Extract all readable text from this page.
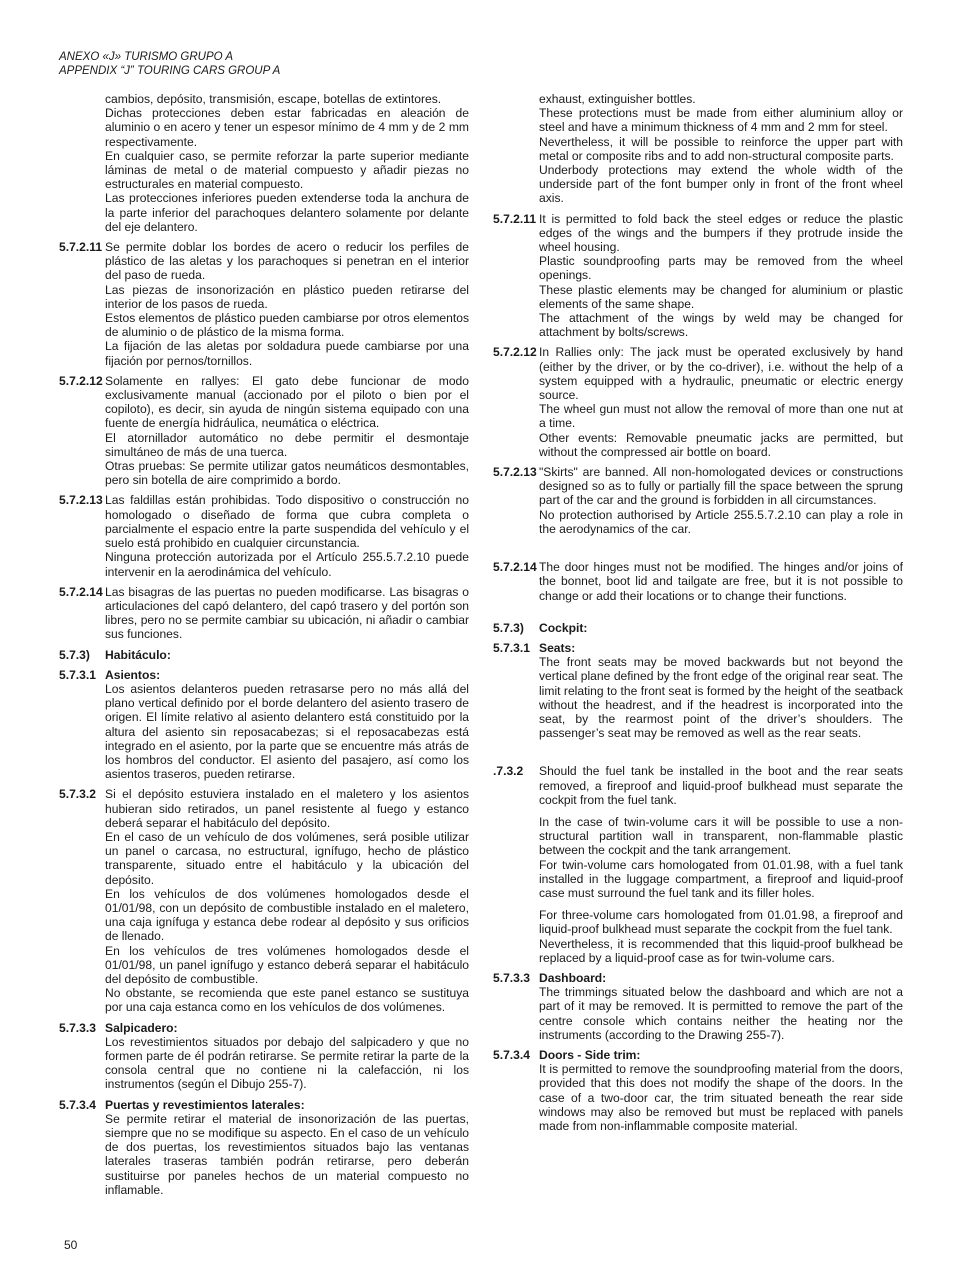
ANEXO «J» TURISMO GRUPO A
APPENDIX “J” TOURING CARS GROUP A

cambios, depósito, transmisión, escape, botellas de extintores.

Dichas protecciones deben estar fabricadas en aleación de aluminio o en acero y tener un espesor mínimo de 4 mm y de 2 mm respectivamente.

En cualquier caso, se permite reforzar la parte superior mediante láminas de metal o de material compuesto y añadir piezas no estructurales en material compuesto.

Las protecciones inferiores pueden extenderse toda la anchura de la parte inferior del parachoques delantero solamente por delante del eje delantero.

5.7.2.11 Se permite doblar los bordes de acero o reducir los perfiles de plástico de las aletas y los parachoques si penetran en el interior del paso de rueda.

Las piezas de insonorización en plástico pueden retirarse del interior de los pasos de rueda.

Estos elementos de plástico pueden cambiarse por otros elementos de aluminio o de plástico de la misma forma.

La fijación de las aletas por soldadura puede cambiarse por una fijación por pernos/tornillos.

5.7.2.12 Solamente en rallyes: El gato debe funcionar de modo exclusivamente manual (accionado por el piloto o bien por el copiloto), es decir, sin ayuda de ningún sistema equipado con una fuente de energía hidráulica, neumática o eléctrica.

El atornillador automático no debe permitir el desmontaje simultáneo de más de una tuerca.

Otras pruebas: Se permite utilizar gatos neumáticos desmontables, pero sin botella de aire comprimido a bordo.

5.7.2.13 Las faldillas están prohibidas. Todo dispositivo o construcción no homologado o diseñado de forma que cubra completa o parcialmente el espacio entre la parte suspendida del vehículo y el suelo está prohibido en cualquier circunstancia.

Ninguna protección autorizada por el Artículo 255.5.7.2.10 puede intervenir en la aerodinámica del vehículo.

5.7.2.14 Las bisagras de las puertas no pueden modificarse. Las bisagras o articulaciones del capó delantero, del capó trasero y del portón son libres, pero no se permite cambiar su ubicación, ni añadir o cambiar sus funciones.

5.7.3)	Habitáculo:

5.7.3.1 Asientos:

Los asientos delanteros pueden retrasarse pero no más allá del plano vertical definido por el borde delantero del asiento trasero de origen. El límite relativo al asiento delantero está constituido por la altura del asiento sin reposacabezas; si el reposacabezas está integrado en el asiento, por la parte que se encuentre más atrás de los hombros del conductor. El asiento del pasajero, así como los asientos traseros, pueden retirarse.

5.7.3.2 Si el depósito estuviera instalado en el maletero y los asientos hubieran sido retirados, un panel resistente al fuego y estanco deberá separar el habitáculo del depósito.

En el caso de un vehículo de dos volúmenes, será posible utilizar un panel o carcasa, no estructural, ignífugo, hecho de plástico transparente, situado entre el habitáculo y la ubicación del depósito.

En los vehículos de dos volúmenes homologados desde el 01/01/98, con un depósito de combustible instalado en el maletero, una caja ignífuga y estanca debe rodear al depósito y sus orificios de llenado.

En los vehículos de tres volúmenes homologados desde el 01/01/98, un panel ignífugo y estanco deberá separar el habitáculo del depósito de combustible.

No obstante, se recomienda que este panel estanco se sustituya por una caja estanca como en los vehículos de dos volúmenes.

5.7.3.3 Salpicadero:

Los revestimientos situados por debajo del salpicadero y que no formen parte de él podrán retirarse. Se permite retirar la parte de la consola central que no contiene ni la calefacción, ni los instrumentos (según el Dibujo 255-7).

5.7.3.4 Puertas y revestimientos laterales:

Se permite retirar el material de insonorización de las puertas, siempre que no se modifique su aspecto. En el caso de un vehículo de dos puertas, los revestimientos situados bajo las ventanas laterales traseras también podrán retirarse, pero deberán sustituirse por paneles hechos de un material compuesto no inflamable.

exhaust, extinguisher bottles.

These protections must be made from either aluminium alloy or steel and have a minimum thickness of 4 mm and 2 mm for steel.

Nevertheless, it will be possible to reinforce the upper part with metal or composite ribs and to add non-structural composite parts.

Underbody protections may extend the whole width of the underside part of the font bumper only in front of the front wheel axis.

5.7.2.11 It is permitted to fold back the steel edges or reduce the plastic edges of the wings and the bumpers if they protrude inside the wheel housing.

Plastic soundproofing parts may be removed from the wheel openings.

These plastic elements may be changed for aluminium or plastic elements of the same shape.

The attachment of the wings by weld may be changed for attachment by bolts/screws.

5.7.2.12 In Rallies only: The jack must be operated exclusively by hand (either by the driver, or by the co-driver), i.e. without the help of a system equipped with a hydraulic, pneumatic or electric energy source.

The wheel gun must not allow the removal of more than one nut at a time.

Other events: Removable pneumatic jacks are permitted, but without the compressed air bottle on board.

5.7.2.13 "Skirts" are banned. All non-homologated devices or constructions designed so as to fully or partially fill the space between the sprung part of the car and the ground is forbidden in all circumstances.

No protection authorised by Article 255.5.7.2.10 can play a role in the aerodynamics of the car.

5.7.2.14 The door hinges must not be modified. The hinges and/or joins of the bonnet, boot lid and tailgate are free, but it is not possible to change or add their locations or to change their functions.

5.7.3)	Cockpit:

5.7.3.1 Seats:

The front seats may be moved backwards but not beyond the vertical plane defined by the front edge of the original rear seat. The limit relating to the front seat is formed by the height of the seatback without the headrest, and if the headrest is incorporated into the seat, by the rearmost point of the driver’s shoulders. The passenger’s seat may be removed as well as the rear seats.

.7.3.2	Should the fuel tank be installed in the boot and the rear seats removed, a fireproof and liquid-proof bulkhead must separate the cockpit from the fuel tank.

In the case of twin-volume cars it will be possible to use a non-structural partition wall in transparent, non-flammable plastic between the cockpit and the tank arrangement.

For twin-volume cars homologated from 01.01.98, with a fuel tank installed in the luggage compartment, a fireproof and liquid-proof case must surround the fuel tank and its filler holes.

For three-volume cars homologated from 01.01.98, a fireproof and liquid-proof bulkhead must separate the cockpit from the fuel tank.

Nevertheless, it is recommended that this liquid-proof bulkhead be replaced by a liquid-proof case as for twin-volume cars.

5.7.3.3 Dashboard:

The trimmings situated below the dashboard and which are not a part of it may be removed. It is permitted to remove the part of the centre console which contains neither the heating nor the instruments (according to the Drawing 255-7).

5.7.3.4 Doors - Side trim:

It is permitted to remove the soundproofing material from the doors, provided that this does not modify the shape of the doors. In the case of a two-door car, the trim situated beneath the rear side windows may also be removed but must be replaced with panels made from non-inflammable composite material.

50
